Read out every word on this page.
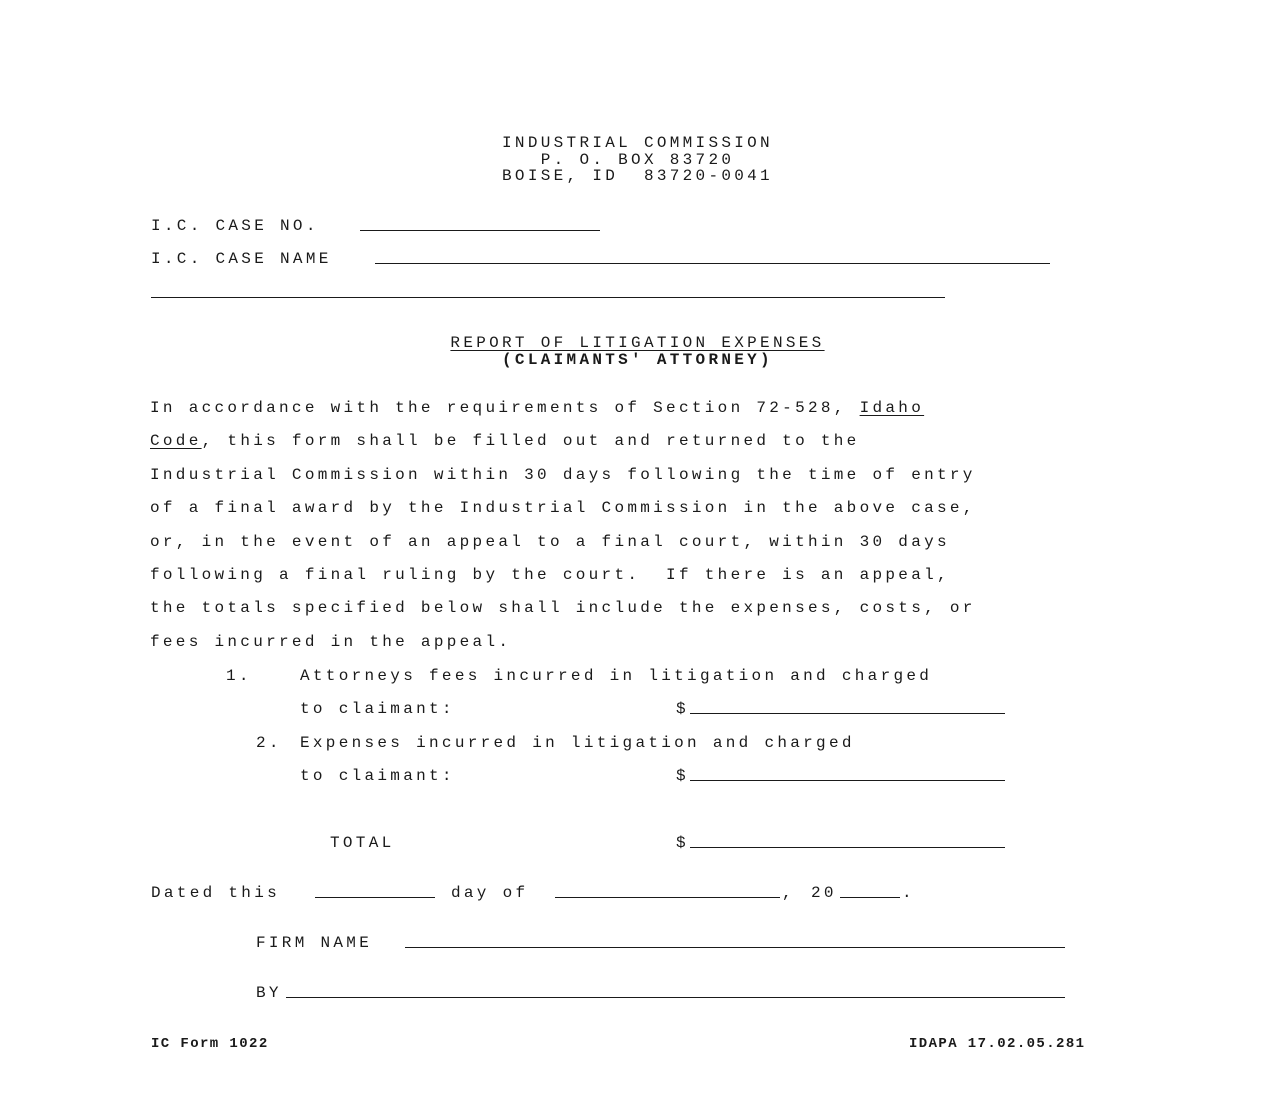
INDUSTRIAL COMMISSION
P. O. BOX 83720
BOISE, ID  83720-0041
I.C. CASE NO.
I.C. CASE NAME
REPORT OF LITIGATION EXPENSES
(CLAIMANTS' ATTORNEY)
In accordance with the requirements of Section 72-528, Idaho
Code, this form shall be filled out and returned to the
Industrial Commission within 30 days following the time of entry
of a final award by the Industrial Commission in the above case,
or, in the event of an appeal to a final court, within 30 days
following a final ruling by the court.  If there is an appeal,
the totals specified below shall include the expenses, costs, or
fees incurred in the appeal.
1.	Attorneys fees incurred in litigation and charged
to claimant:	$
2. Expenses incurred in litigation and charged
to claimant:	$
TOTAL	$
Dated this	day of	, 20	.
FIRM NAME
BY
IC Form 1022	IDAPA 17.02.05.281
